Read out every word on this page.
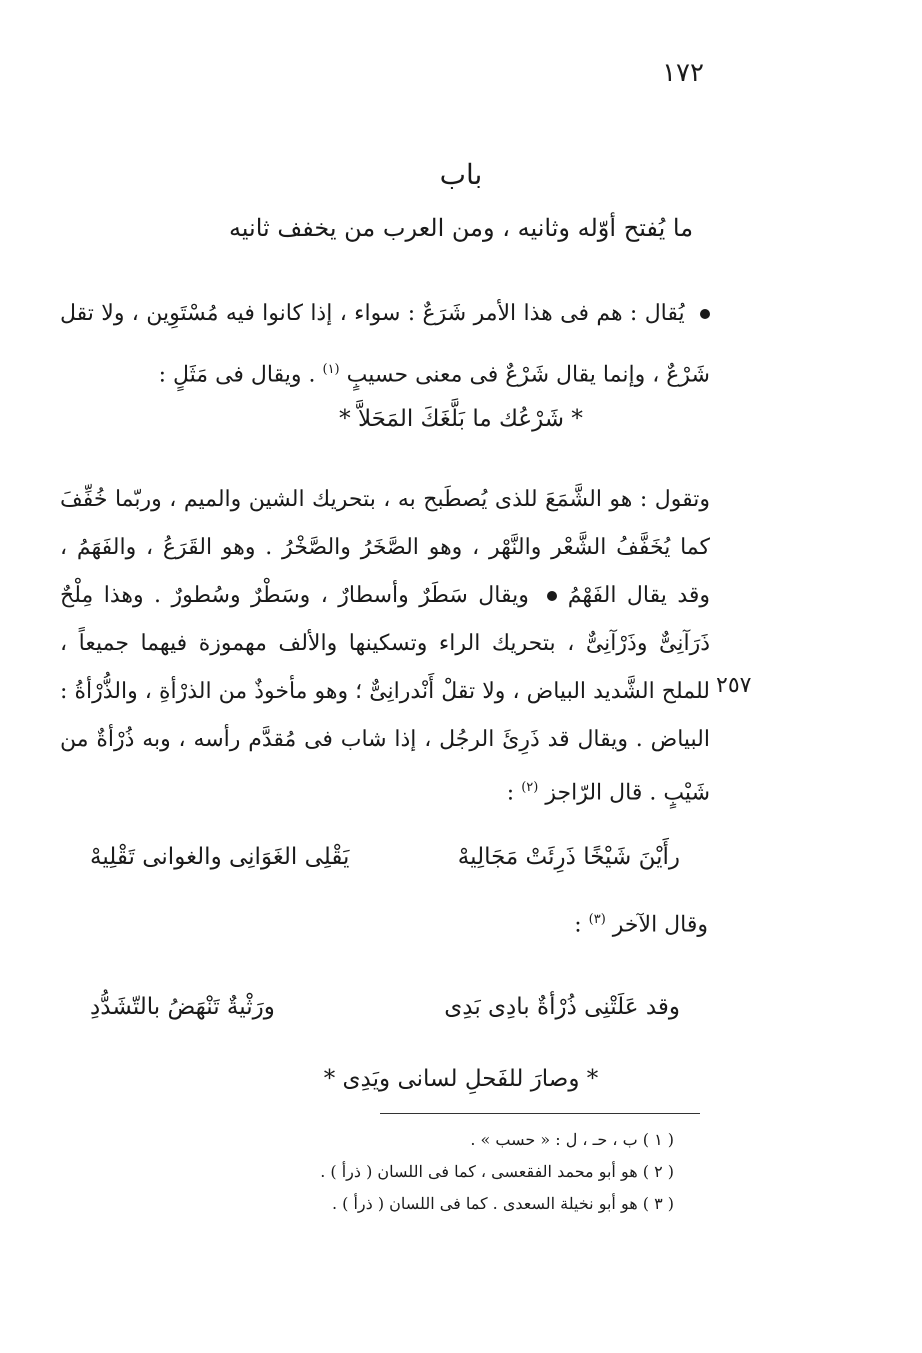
١٧٢
باب
ما يُفتح أوّله وثانيه ، ومن العرب من يخفف ثانيه
يُقال : هم فى هذا الأمر شَرَعٌ : سواء ، إذا كانوا فيه مُسْتَوِين ، ولا تقل شَرْعٌ ، وإنما يقال شَرْعٌ فى معنى حسيبٍ $^{(١)}$ . ويقال فى مَثَلٍ :
* شَرْعُك ما بَلَّغَكَ المَحَلاَّ *
وتقول : هو الشَّمَعَ للذى يُصطَبح به ، بتحريك الشين والميم ، وربّما خُفِّفَ كما يُخَفَّفُ الشَّعْر والنَّهْر ، وهو الصَّخَرُ والصَّخْرُ . وهو القَرَعُ ، والفَهَمُ ، وقد يقال الفَهْمُ  ويقال سَطَرٌ وأسطارٌ ، وسَطْرٌ وسُطورٌ . وهذا مِلْحٌ ذَرَآنِىٌّ وذَرْآنِىٌّ ، بتحريك الراء وتسكينها والألف مهموزة فيهما جميعاً ، للملح الشَّديد البياض ، ولا تقلْ أَنْدرانِىٌّ ؛ وهو مأخوذٌ من الذرْأةِ ، والذُّرْأةُ : البياض . ويقال قد ذَرِئَ الرجُل ، إذا شاب فى مُقدَّم رأسه ، وبه ذُرْأةٌ من شَيْبٍ . قال الرّاجز $^{(٢)}$ :
٢٥٧
رأَيْنَ شَيْخًا ذَرِئَتْ مَجَالِيهْ
يَقْلِى الغَوَانِى والغوانى تَقْلِيهْ
وقال الآخر $^{(٣)}$ :
وقد عَلَتْنِى ذُرْأةٌ بادِى بَدِى
ورَثْيةٌ تَنْهَضُ بالتّشَدُّدِ
* وصارَ للفَحلِ لسانى ويَدِى *
( ١ ) ب ، حـ ، ل : « حسب » .
( ٢ ) هو أبو محمد الفقعسى ، كما فى اللسان ( ذرأ ) .
( ٣ ) هو أبو نخيلة السعدى . كما فى اللسان ( ذرأ ) .
